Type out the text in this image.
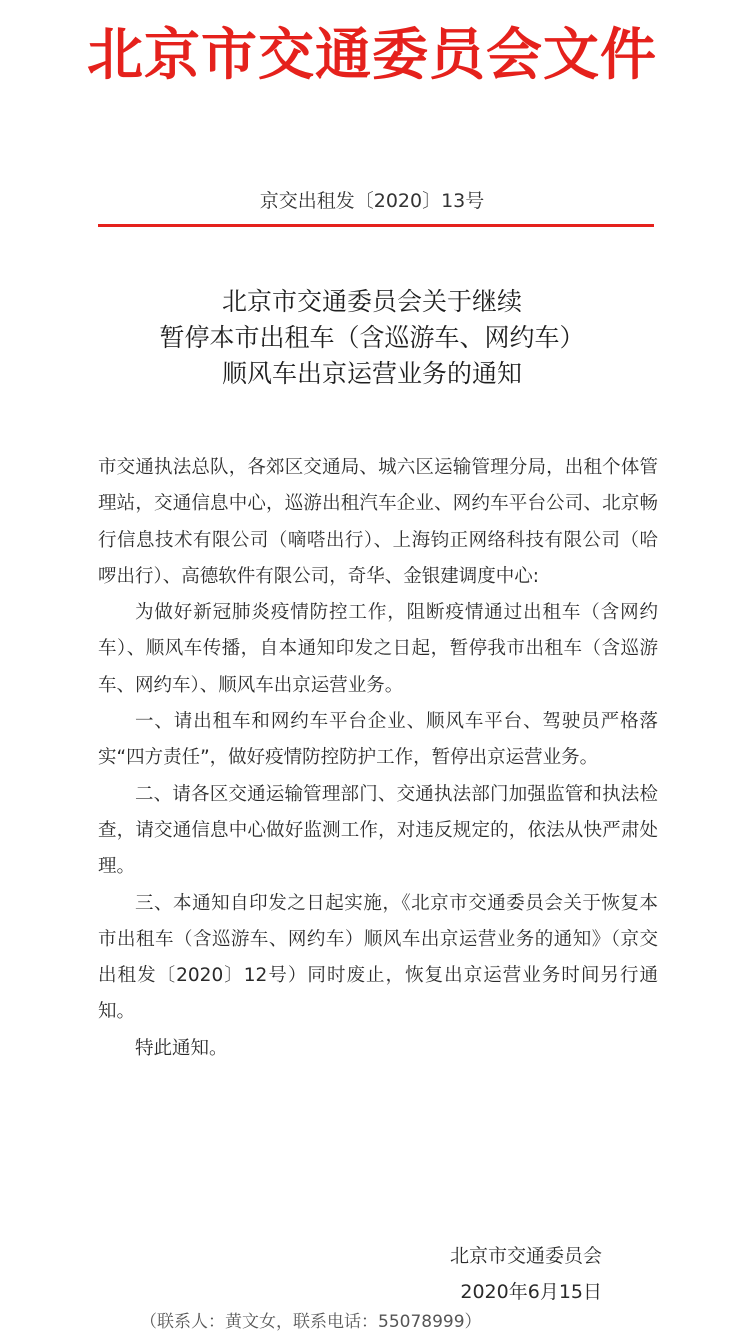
北京市交通委员会文件
京交出租发〔2020〕13号
北京市交通委员会关于继续
暂停本市出租车（含巡游车、网约车）
顺风车出京运营业务的通知

市交通执法总队，各郊区交通局、城六区运输管理分局，出租个体管理站，交通信息中心，巡游出租汽车企业、网约车平台公司、北京畅行信息技术有限公司（嘀嗒出行）、上海钧正网络科技有限公司（哈啰出行）、高德软件有限公司，奇华、金银建调度中心:

为做好新冠肺炎疫情防控工作，阻断疫情通过出租车（含网约车）、顺风车传播，自本通知印发之日起，暂停我市出租车（含巡游车、网约车）、顺风车出京运营业务。

一、请出租车和网约车平台企业、顺风车平台、驾驶员严格落实“四方责任”，做好疫情防控防护工作，暂停出京运营业务。

二、请各区交通运输管理部门、交通执法部门加强监管和执法检查，请交通信息中心做好监测工作，对违反规定的，依法从快严肃处理。

三、本通知自印发之日起实施，《北京市交通委员会关于恢复本市出租车（含巡游车、网约车）顺风车出京运营业务的通知》（京交出租发〔2020〕12号）同时废止，恢复出京运营业务时间另行通知。

特此通知。

北京市交通委员会
2020年6月15日
（联系人：黄文女，联系电话：55078999）
